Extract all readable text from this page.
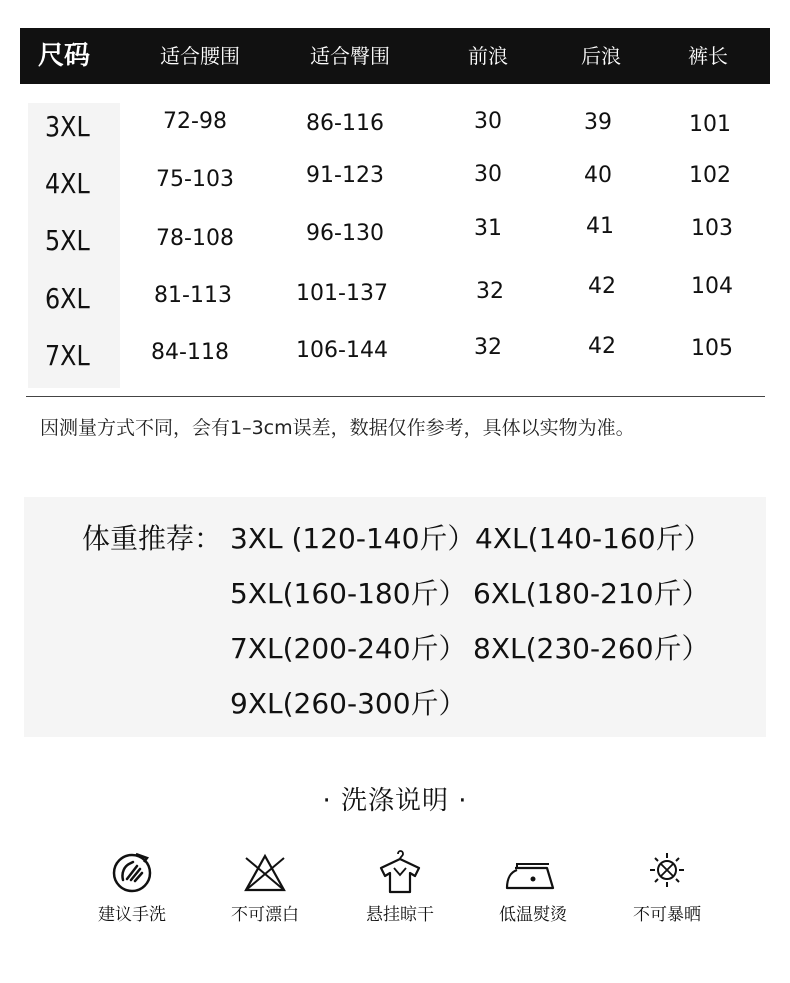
尺码	适合腰围	适合臀围	前浪	后浪	裤长
3XL	72-98	86-116	30	39	101
4XL	75-103	91-123	30	40	102
5XL	78-108	96-130	31	41	103
6XL	81-113	101-137	32	42	104
7XL	84-118	106-144	32	42	105
因测量方式不同，会有1–3cm误差，数据仅作参考，具体以实物为准。
体重推荐： 3XL (120-140斤） 4XL(140-160斤）
5XL(160-180斤） 6XL(180-210斤）
7XL(200-240斤） 8XL(230-260斤）
9XL(260-300斤）
· 洗涤说明 ·
建议手洗	不可漂白	悬挂晾干	低温熨烫	不可暴晒
